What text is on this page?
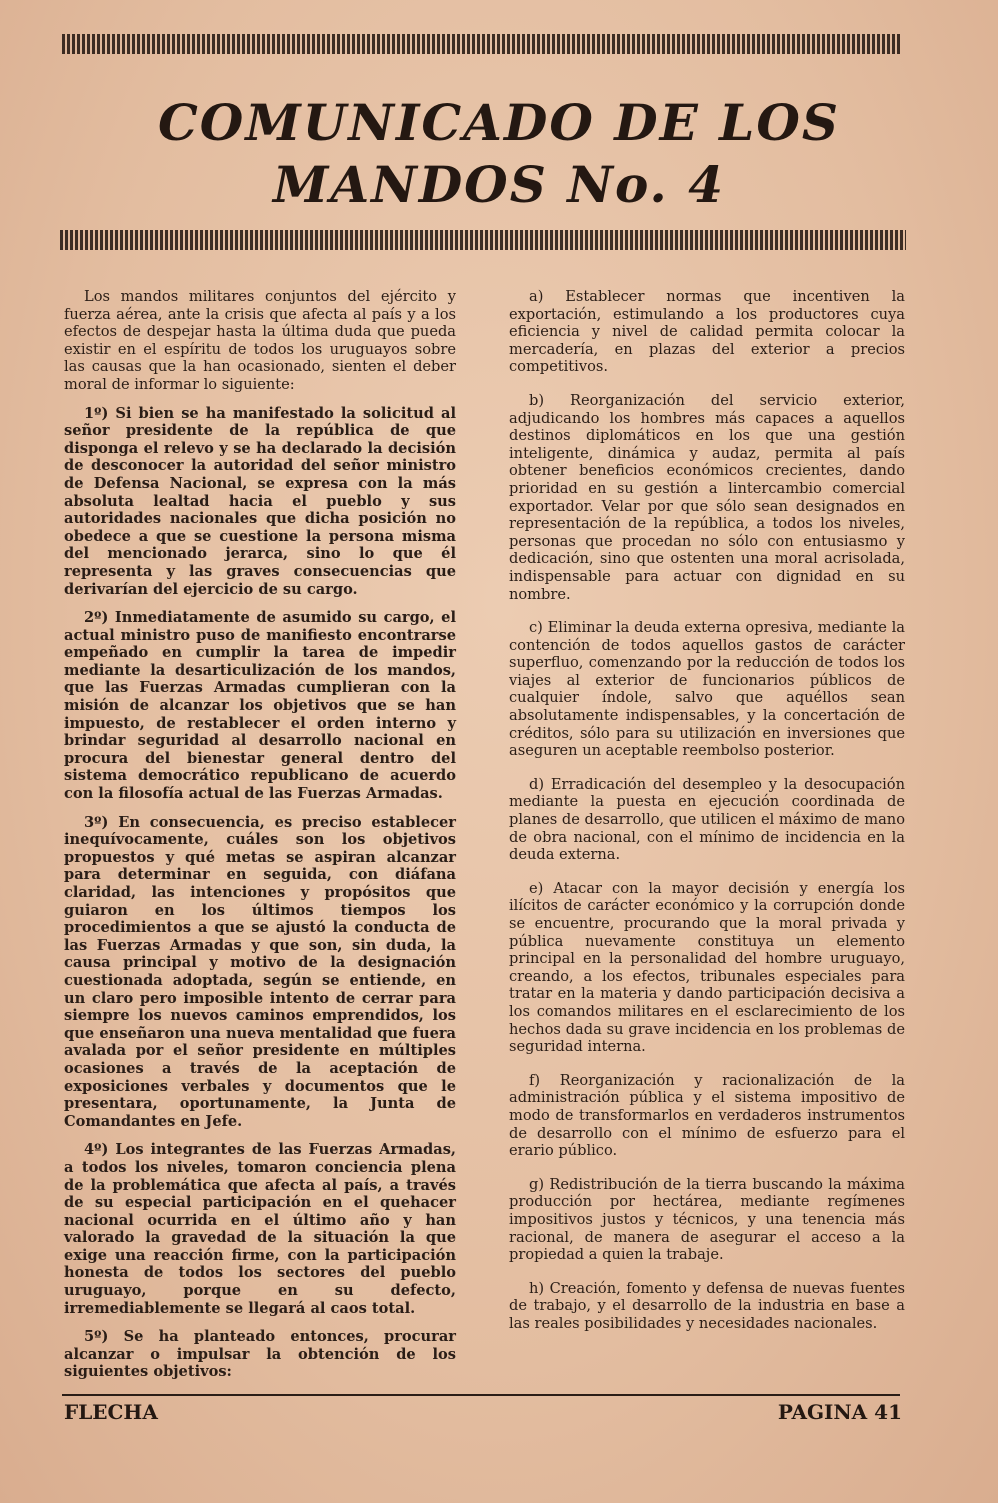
COMUNICADO DE LOS
MANDOS No. 4

Los mandos militares conjuntos del ejército y fuerza aérea, ante la crisis que afecta al país y a los efectos de despejar hasta la última duda que pueda existir en el espíritu de todos los uruguayos sobre las causas que la han ocasionado, sienten el deber moral de informar lo siguiente:

1º) Si bien se ha manifestado la solicitud al señor presidente de la república de que disponga el relevo y se ha declarado la decisión de desconocer la autoridad del señor ministro de Defensa Nacional, se expresa con la más absoluta lealtad hacia el pueblo y sus autoridades nacionales que dicha posición no obedece a que se cuestione la persona misma del mencionado jerarca, sino lo que él representa y las graves consecuencias que derivarían del ejercicio de su cargo.

2º) Inmediatamente de asumido su cargo, el actual ministro puso de manifiesto encontrarse empeñado en cumplir la tarea de impedir mediante la desarticulización de los mandos, que las Fuerzas Armadas cumplieran con la misión de alcanzar los objetivos que se han impuesto, de restablecer el orden interno y brindar seguridad al desarrollo nacional en procura del bienestar general dentro del sistema democrático republicano de acuerdo con la filosofía actual de las Fuerzas Armadas.

3º) En consecuencia, es preciso establecer inequívocamente, cuáles son los objetivos propuestos y qué metas se aspiran alcanzar para determinar en seguida, con diáfana claridad, las intenciones y propósitos que guiaron en los últimos tiempos los procedimientos a que se ajustó la conducta de las Fuerzas Armadas y que son, sin duda, la causa principal y motivo de la designación cuestionada adoptada, según se entiende, en un claro pero imposible intento de cerrar para siempre los nuevos caminos emprendidos, los que enseñaron una nueva mentalidad que fuera avalada por el señor presidente en múltiples ocasiones a través de la aceptación de exposiciones verbales y documentos que le presentara, oportunamente, la Junta de Comandantes en Jefe.

4º) Los integrantes de las Fuerzas Armadas, a todos los niveles, tomaron conciencia plena de la problemática que afecta al país, a través de su especial participación en el quehacer nacional ocurrida en el último año y han valorado la gravedad de la situación la que exige una reacción firme, con la participación honesta de todos los sectores del pueblo uruguayo, porque en su defecto, irremediablemente se llegará al caos total.

5º) Se ha planteado entonces, procurar alcanzar o impulsar la obtención de los siguientes objetivos:

a) Establecer normas que incentiven la exportación, estimulando a los productores cuya eficiencia y nivel de calidad permita colocar la mercadería, en plazas del exterior a precios competitivos.

b) Reorganización del servicio exterior, adjudicando los hombres más capaces a aquellos destinos diplomáticos en los que una gestión inteligente, dinámica y audaz, permita al país obtener beneficios económicos crecientes, dando prioridad en su gestión a lintercambio comercial exportador. Velar por que sólo sean designados en representación de la república, a todos los niveles, personas que procedan no sólo con entusiasmo y dedicación, sino que ostenten una moral acrisolada, indispensable para actuar con dignidad en su nombre.

c) Eliminar la deuda externa opresiva, mediante la contención de todos aquellos gastos de carácter superfluo, comenzando por la reducción de todos los viajes al exterior de funcionarios públicos de cualquier índole, salvo que aquéllos sean absolutamente indispensables, y la concertación de créditos, sólo para su utilización en inversiones que aseguren un aceptable reembolso posterior.

d) Erradicación del desempleo y la desocupación mediante la puesta en ejecución coordinada de planes de desarrollo, que utilicen el máximo de mano de obra nacional, con el mínimo de incidencia en la deuda externa.

e) Atacar con la mayor decisión y energía los ilícitos de carácter económico y la corrupción donde se encuentre, procurando que la moral privada y pública nuevamente constituya un elemento principal en la personalidad del hombre uruguayo, creando, a los efectos, tribunales especiales para tratar en la materia y dando participación decisiva a los comandos militares en el esclarecimiento de los hechos dada su grave incidencia en los problemas de seguridad interna.

f) Reorganización y racionalización de la administración pública y el sistema impositivo de modo de transformarlos en verdaderos instrumentos de desarrollo con el mínimo de esfuerzo para el erario público.

g) Redistribución de la tierra buscando la máxima producción por hectárea, mediante regímenes impositivos justos y técnicos, y una tenencia más racional, de manera de asegurar el acceso a la propiedad a quien la trabaje.

h) Creación, fomento y defensa de nuevas fuentes de trabajo, y el desarrollo de la industria en base a las reales posibilidades y necesidades nacionales.

FLECHA	PAGINA 41
